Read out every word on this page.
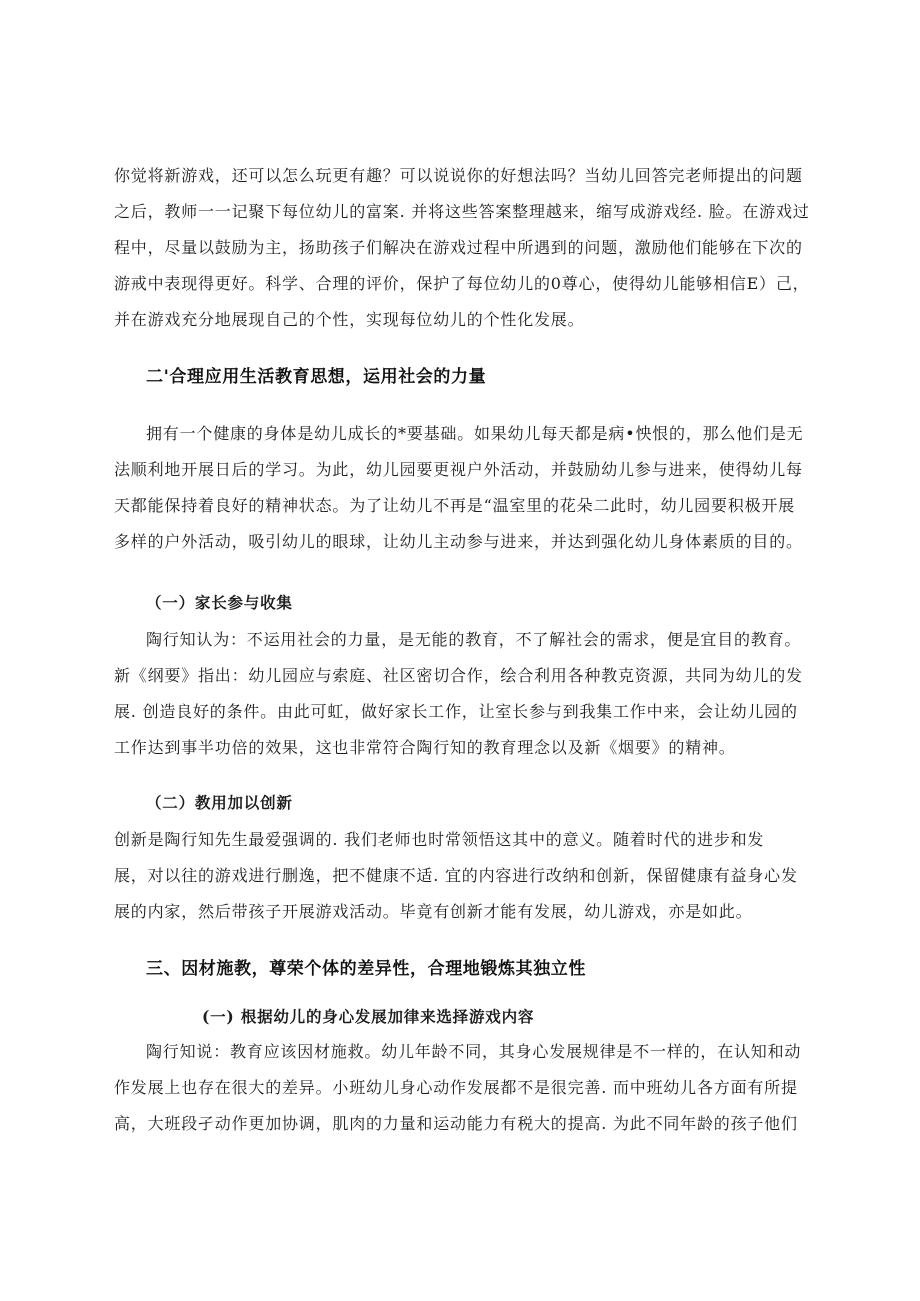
你觉将新游戏，还可以怎么玩更有趣？可以说说你的好想法吗？当幼儿回答完老师提出的问题
之后，教师一一记聚下每位幼儿的富案. 并将这些答案整理越来，缩写成游戏经. 脸。在游戏过
程中，尽量以鼓励为主，扬助孩子们解决在游戏过程中所遇到的问题，激励他们能够在下次的
游戒中表现得更好。科学、合理的评价，保护了每位幼儿的0尊心，使得幼儿能够相信E）己，
并在游戏充分地展现自己的个性，实现每位幼儿的个性化发展。
二'合理应用生活教育思想，运用社会的力量
拥有一个健康的身体是幼儿成长的*要基础。如果幼儿每天都是病•怏恨的，那么他们是无
法顺利地开展日后的学习。为此，幼儿园要更视户外活动，并鼓励幼儿参与进来，使得幼儿每
天都能保持着良好的精神状态。为了让幼儿不再是“温室里的花朵二此时，幼儿园要积极开展
多样的户外活动，吸引幼儿的眼球，让幼儿主动参与进来，并达到强化幼儿身体素质的目的。
（一）家长参与收集
陶行知认为：不运用社会的力量，是无能的教育，不了解社会的需求，便是宜目的教育。
新《纲要》指出：幼儿园应与索庭、社区密切合作，绘合利用各种教克资源，共同为幼儿的发
展. 创造良好的条件。由此可虹，做好家长工作，让室长参与到我集工作中来，会让幼儿园的
工作达到事半功倍的效果，这也非常符合陶行知的教育理念以及新《烟要》的精神。
（二）教用加以创新
创新是陶行知先生最爱强调的. 我们老师也时常领悟这其中的意义。随着时代的进步和发
展，对以往的游戏进行删逸，把不健康不适. 宜的内容进行改纳和创新，保留健康有益身心发
展的内家，然后带孩子开展游戏活动。毕竟有创新才能有发展，幼儿游戏，亦是如此。
三、因材施教，尊荣个体的差异性，合理地锻炼其独立性
(一) 根据幼儿的身心发展加律来选择游戏内容
陶行知说：教育应该因材施救。幼儿年龄不同，其身心发展规律是不一样的，在认知和动
作发展上也存在很大的差异。小班幼儿身心动作发展都不是很完善. 而中班幼儿各方面有所提
高，大班段孑动作更加协调，肌肉的力量和运动能力有税大的提高. 为此不同年龄的孩子他们
